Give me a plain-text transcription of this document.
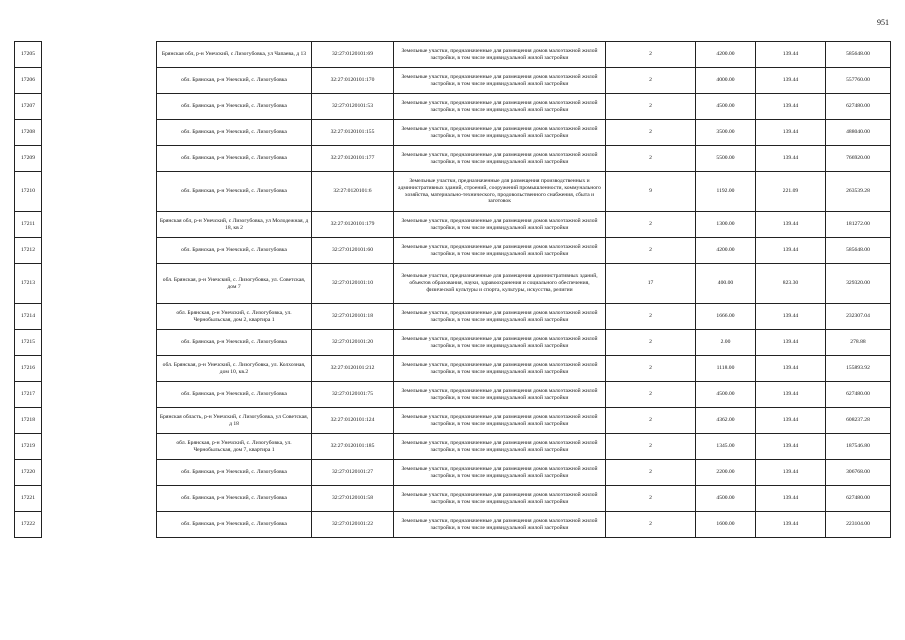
951
17205		Брянская обл, р-н Унечский, с Лизогубовка, ул Чапаева, д 13	32:27:0120101:69	Земельные участки, предназначенные для размещения домов малоэтажной жилой застройки, в том числе индивидуальной жилой застройки	2	4200.00	139.44	585648.00
17206		обл. Брянская, р-н Унечский, с. Лизогубовка	32:27:0120101:170	Земельные участки, предназначенные для размещения домов малоэтажной жилой застройки, в том числе индивидуальной жилой застройки	2	4000.00	139.44	557760.00
17207		обл. Брянская, р-н Унечский, с. Лизогубовка	32:27:0120101:53	Земельные участки, предназначенные для размещения домов малоэтажной жилой застройки, в том числе индивидуальной жилой застройки	2	4500.00	139.44	627480.00
17208		обл. Брянская, р-н Унечский, с. Лизогубовка	32:27:0120101:155	Земельные участки, предназначенные для размещения домов малоэтажной жилой застройки, в том числе индивидуальной жилой застройки	2	3500.00	139.44	488040.00
17209		обл. Брянская, р-н Унечский, с. Лизогубовка	32:27:0120101:177	Земельные участки, предназначенные для размещения домов малоэтажной жилой застройки, в том числе индивидуальной жилой застройки	2	5500.00	139.44	766920.00
17210		обл. Брянская, р-н Унечский, с. Лизогубовка	32:27:0120101:6	Земельные участки, предназначенные для размещения производственных и административных зданий, строений, сооружений промышленности, коммунального хозяйства, материально-технического, продовольственного снабжения, сбыта и заготовок	9	1192.00	221.09	263539.28
17211		Брянская обл, р-н Унечский, с Лизогубовка, ул Молодежная, д 18, кв 2	32:27:0120101:179	Земельные участки, предназначенные для размещения домов малоэтажной жилой застройки, в том числе индивидуальной жилой застройки	2	1300.00	139.44	181272.00
17212		обл. Брянская, р-н Унечский, с. Лизогубовка	32:27:0120101:60	Земельные участки, предназначенные для размещения домов малоэтажной жилой застройки, в том числе индивидуальной жилой застройки	2	4200.00	139.44	585648.00
17213		обл. Брянская, р-н Унечский, с. Лизогубовка, ул. Советская, дом 7	32:27:0120101:10	Земельные участки, предназначенные для размещения административных зданий, объектов образования, науки, здравоохранения и социального обеспечения, физической культуры и спорта, культуры, искусства, религии	17	400.00	823.30	329320.00
17214		обл. Брянская, р-н Унечский, с. Лизогубовка, ул. Чернобыльская, дом 2, квартира 1	32:27:0120101:18	Земельные участки, предназначенные для размещения домов малоэтажной жилой застройки, в том числе индивидуальной жилой застройки	2	1666.00	139.44	232307.04
17215		обл. Брянская, р-н Унечский, с. Лизогубовка	32:27:0120101:20	Земельные участки, предназначенные для размещения домов малоэтажной жилой застройки, в том числе индивидуальной жилой застройки	2	2.00	139.44	278.88
17216		обл. Брянская, р-н Унечский, с. Лизогубовка, ул. Колхозная, дом 10, кв.2	32:27:0120101:212	Земельные участки, предназначенные для размещения домов малоэтажной жилой застройки, в том числе индивидуальной жилой застройки	2	1118.00	139.44	155893.92
17217		обл. Брянская, р-н Унечский, с. Лизогубовка	32:27:0120101:75	Земельные участки, предназначенные для размещения домов малоэтажной жилой застройки, в том числе индивидуальной жилой застройки	2	4500.00	139.44	627480.00
17218		Брянская область, р-н Унечский, с Лизогубовка, ул Советская, д 18	32:27:0120101:124	Земельные участки, предназначенные для размещения домов малоэтажной жилой застройки, в том числе индивидуальной жилой застройки	2	4362.00	139.44	608237.28
17219		обл. Брянская, р-н Унечский, с. Лизогубовка, ул. Чернобыльская, дом 7, квартира 1	32:27:0120101:185	Земельные участки, предназначенные для размещения домов малоэтажной жилой застройки, в том числе индивидуальной жилой застройки	2	1345.00	139.44	187546.80
17220		обл. Брянская, р-н Унечский, с. Лизогубовка	32:27:0120101:27	Земельные участки, предназначенные для размещения домов малоэтажной жилой застройки, в том числе индивидуальной жилой застройки	2	2200.00	139.44	306768.00
17221		обл. Брянская, р-н Унечский, с. Лизогубовка	32:27:0120101:58	Земельные участки, предназначенные для размещения домов малоэтажной жилой застройки, в том числе индивидуальной жилой застройки	2	4500.00	139.44	627480.00
17222		обл. Брянская, р-н Унечский, с. Лизогубовка	32:27:0120101:22	Земельные участки, предназначенные для размещения домов малоэтажной жилой застройки, в том числе индивидуальной жилой застройки	2	1600.00	139.44	223104.00
